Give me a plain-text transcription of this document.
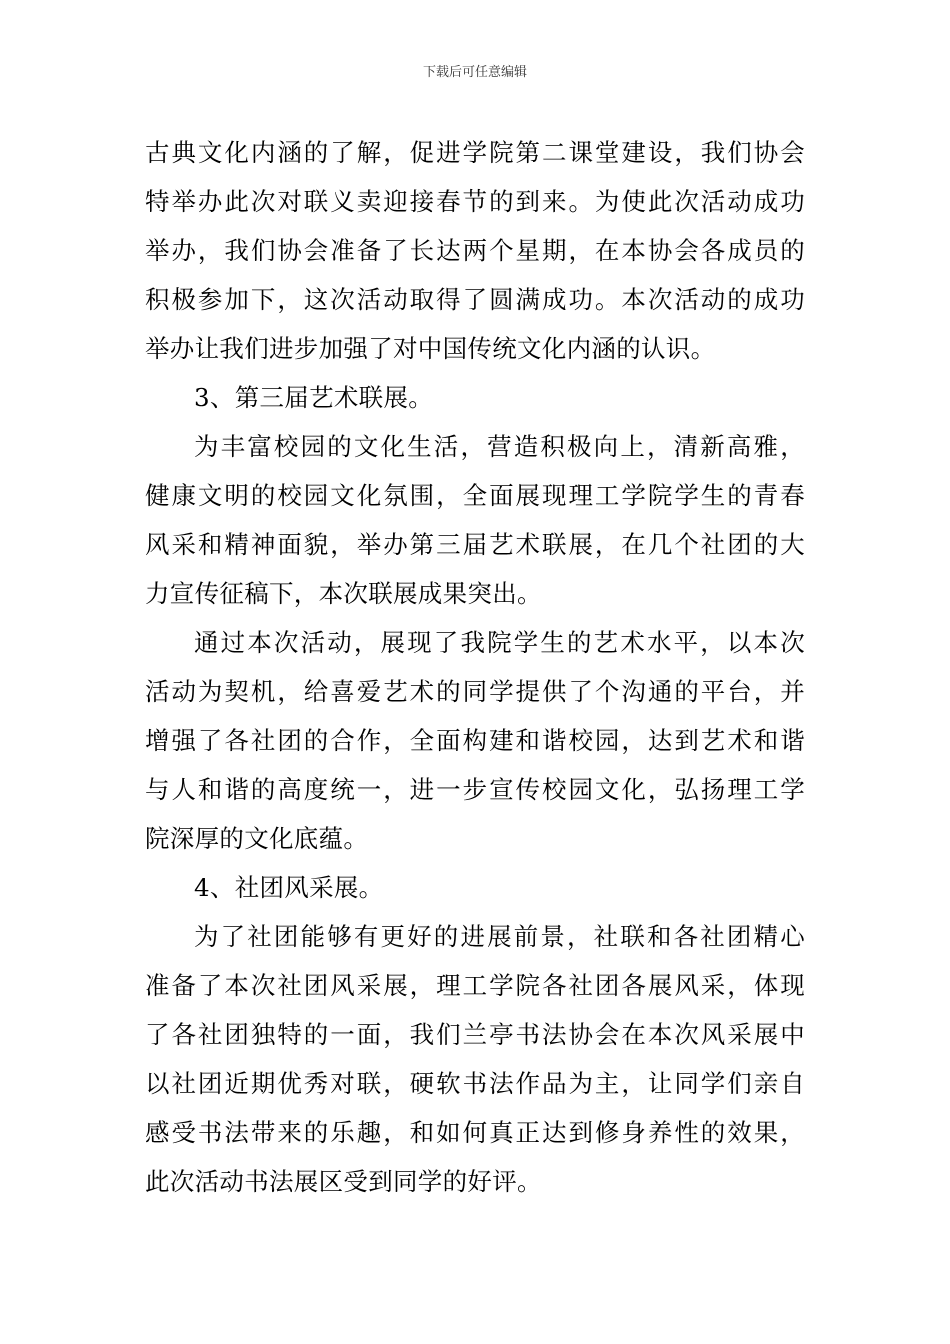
下载后可任意编辑
古典文化内涵的了解，促进学院第二课堂建设，我们协会
特举办此次对联义卖迎接春节的到来。为使此次活动成功
举办，我们协会准备了长达两个星期，在本协会各成员的
积极参加下，这次活动取得了圆满成功。本次活动的成功
举办让我们进步加强了对中国传统文化内涵的认识。
3、第三届艺术联展。
为丰富校园的文化生活，营造积极向上，清新高雅，
健康文明的校园文化氛围，全面展现理工学院学生的青春
风采和精神面貌，举办第三届艺术联展，在几个社团的大
力宣传征稿下，本次联展成果突出。
通过本次活动，展现了我院学生的艺术水平，以本次
活动为契机，给喜爱艺术的同学提供了个沟通的平台，并
增强了各社团的合作，全面构建和谐校园，达到艺术和谐
与人和谐的高度统一，进一步宣传校园文化，弘扬理工学
院深厚的文化底蕴。
4、社团风采展。
为了社团能够有更好的进展前景，社联和各社团精心
准备了本次社团风采展，理工学院各社团各展风采，体现
了各社团独特的一面，我们兰亭书法协会在本次风采展中
以社团近期优秀对联，硬软书法作品为主，让同学们亲自
感受书法带来的乐趣，和如何真正达到修身养性的效果，
此次活动书法展区受到同学的好评。
